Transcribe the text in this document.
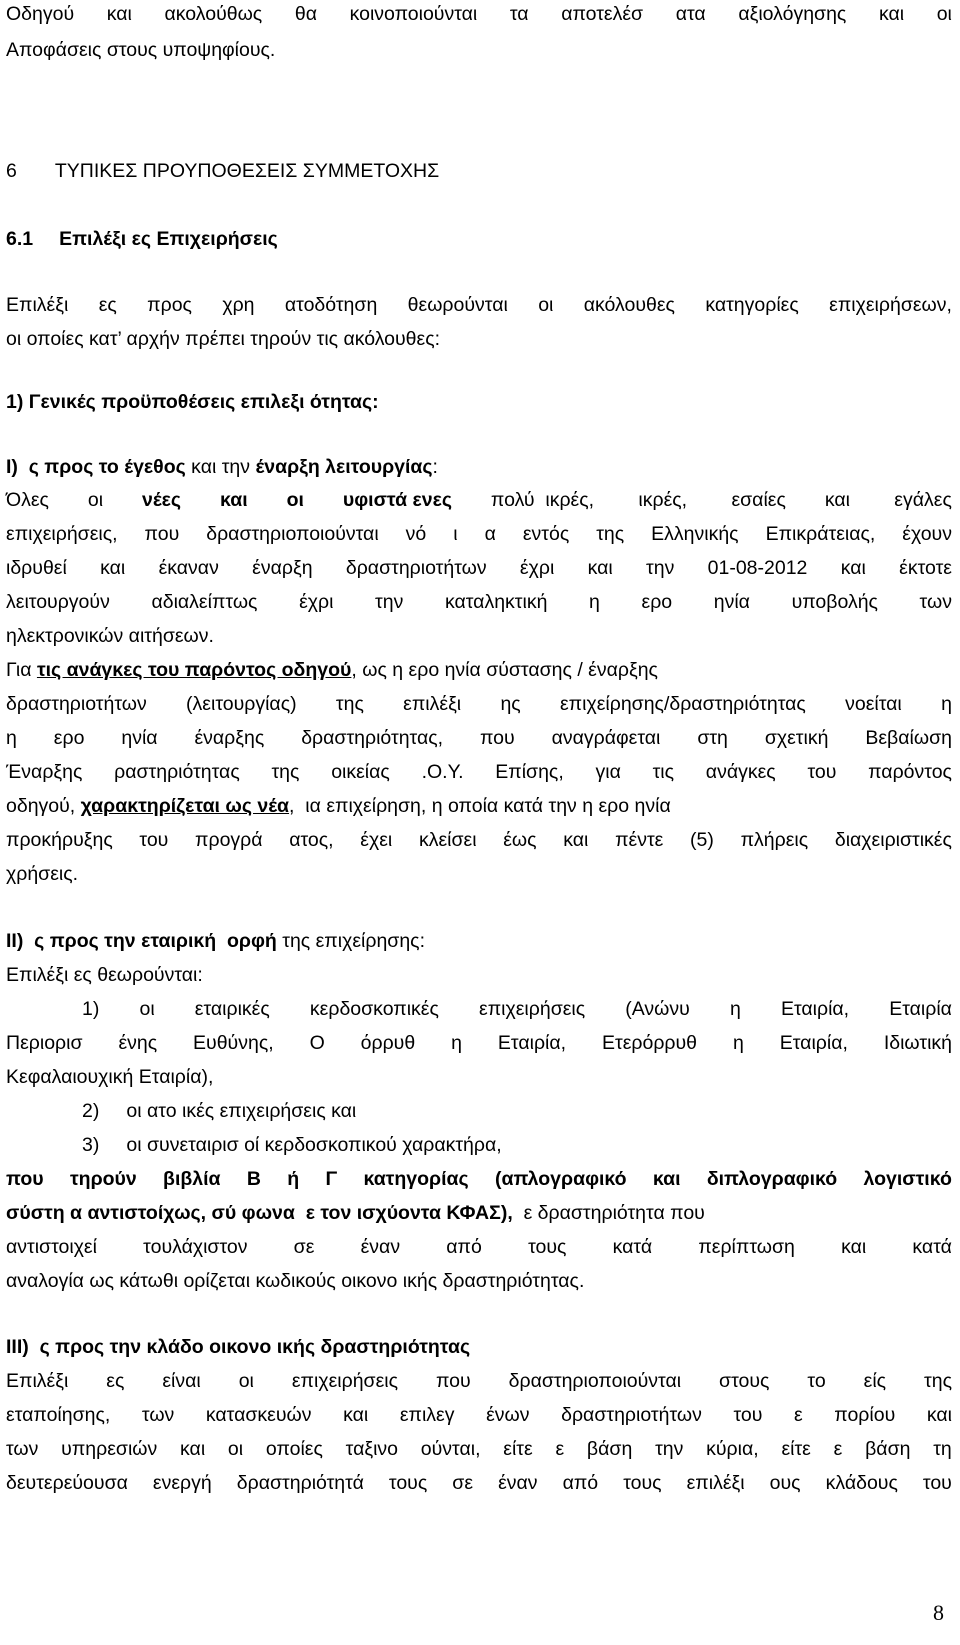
Οδηγού και ακολούθως θα κοινοποιούνται τα αποτελέσ ατα αξιολόγησης και οι
Αποφάσεις στους υποψηφίους.
6 ΤΥΠΙΚΕΣ ΠΡΟΥΠΟΘΕΣΕΙΣ ΣΥΜΜΕΤΟΧΗΣ
6.1 Επιλέξι ες Επιχειρήσεις
Επιλέξι ες προς χρη ατοδότηση θεωρούνται οι ακόλουθες κατηγορίες επιχειρήσεων,
οι οποίες κατ’ αρχήν πρέπει τηρούν τις ακόλουθες:
1) Γενικές προϋποθέσεις επιλεξι ότητας:
Ι)  ς προς το έγεθος και την έναρξη λειτουργίας:
Όλες οι νέες και οι υφιστά ενες πολύ  ικρές, ικρές, εσαίες και εγάλες
επιχειρήσεις, που δραστηριοποιούνται νό ι α εντός της Ελληνικής Επικράτειας, έχουν
ιδρυθεί και έκαναν έναρξη δραστηριοτήτων έχρι και την 01-08-2012 και έκτοτε
λειτουργούν αδιαλείπτως έχρι την καταληκτική η ερο ηνία υποβολής των
ηλεκτρονικών αιτήσεων.
Για τις ανάγκες του παρόντος οδηγού, ως η ερο ηνία σύστασης / έναρξης
δραστηριοτήτων (λειτουργίας) της επιλέξι ης επιχείρησης/δραστηριότητας νοείται η
η ερο ηνία έναρξης δραστηριότητας, που αναγράφεται στη σχετική Βεβαίωση
Έναρξης ραστηριότητας της οικείας .Ο.Υ. Επίσης, για τις ανάγκες του παρόντος
οδηγού, χαρακτηρίζεται ως νέα,  ια επιχείρηση, η οποία κατά την η ερο ηνία
προκήρυξης του προγρά ατος, έχει κλείσει έως και πέντε (5) πλήρεις διαχειριστικές
χρήσεις.
ΙΙ)  ς προς την εταιρική  ορφή της επιχείρησης:
Επιλέξι ες θεωρούνται:
1) οι εταιρικές κερδοσκοπικές επιχειρήσεις (Ανώνυ η Εταιρία, Εταιρία
Περιορισ ένης Ευθύνης, Ο όρρυθ η Εταιρία, Ετερόρρυθ η Εταιρία, Ιδιωτική
Κεφαλαιουχική Εταιρία),
2)     οι ατο ικές επιχειρήσεις και
3)     οι συνεταιρισ οί κερδοσκοπικού χαρακτήρα,
που τηρούν βιβλία Β ή Γ κατηγορίας (απλογραφικό και διπλογραφικό λογιστικό
σύστη α αντιστοίχως, σύ φωνα  ε τον ισχύοντα ΚΦΑΣ),  ε δραστηριότητα που
αντιστοιχεί τουλάχιστον σε έναν από τους κατά περίπτωση και κατά
αναλογία ως κάτωθι ορίζεται κωδικούς οικονο ικής δραστηριότητας.
ΙΙΙ)  ς προς την κλάδο οικονο ικής δραστηριότητας
Επιλέξι ες είναι οι επιχειρήσεις που δραστηριοποιούνται στους το είς της
εταποίησης, των κατασκευών και επιλεγ ένων δραστηριοτήτων του ε πορίου και
των υπηρεσιών και οι οποίες ταξινο ούνται, είτε ε βάση την κύρια, είτε ε βάση τη
δευτερεύουσα ενεργή δραστηριότητά τους σε έναν από τους επιλέξι ους κλάδους του
8
